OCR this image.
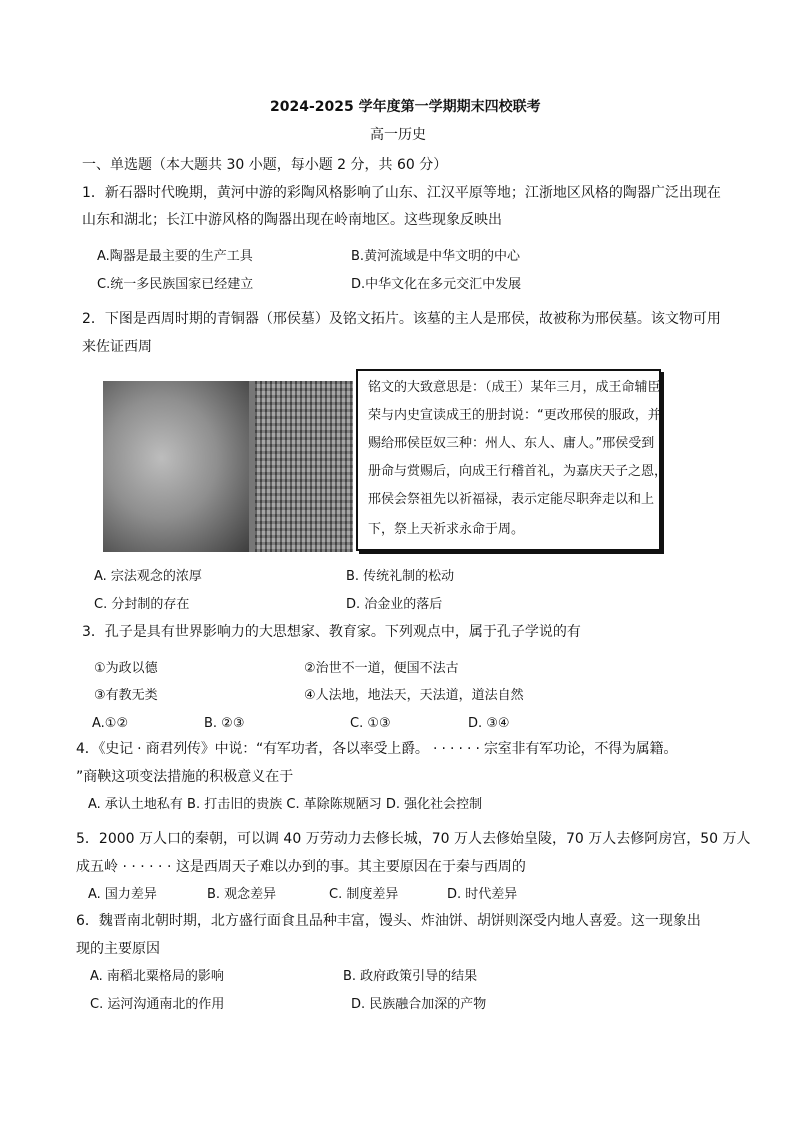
2024-2025 学年度第一学期期末四校联考
高一历史
一、单选题（本大题共 30 小题，每小题 2 分，共 60 分）
1．新石器时代晚期，黄河中游的彩陶风格影响了山东、江汉平原等地；江浙地区风格的陶器广泛出现在
山东和湖北；长江中游风格的陶器出现在岭南地区。这些现象反映出
A.陶器是最主要的生产工具	B.黄河流域是中华文明的中心
C.统一多民族国家已经建立	D.中华文化在多元交汇中发展
2．下图是西周时期的青铜器（邢侯墓）及铭文拓片。该墓的主人是邢侯，故被称为邢侯墓。该文物可用
来佐证西周
铭文的大致意思是：（成王）某年三月，成王命辅臣
荣与内史宣读成王的册封说：“更改邢侯的服政，并
赐给邢侯臣奴三种：州人、东人、庸人。”邢侯受到
册命与赏赐后，向成王行稽首礼，为嘉庆天子之恩，
邢侯会祭祖先以祈福禄，表示定能尽职奔走以和上
下，祭上天祈求永命于周。
A. 宗法观念的浓厚	B. 传统礼制的松动
C. 分封制的存在	D. 冶金业的落后
3．孔子是具有世界影响力的大思想家、教育家。下列观点中，属于孔子学说的有
①为政以德	②治世不一道，便国不法古
③有教无类	④人法地，地法天，天法道，道法自然
A.①②	B. ②③	C. ①③	D. ③④
4．《史记 · 商君列传》中说：“有军功者，各以率受上爵。 · · · · · · 宗室非有军功论，不得为属籍。
”商鞅这项变法措施的积极意义在于
A. 承认土地私有 B. 打击旧的贵族 C. 革除陈规陋习 D. 强化社会控制
5．2000 万人口的秦朝，可以调 40 万劳动力去修长城，70 万人去修始皇陵，70 万人去修阿房宫，50 万人
成五岭 · · · · · · 这是西周天子难以办到的事。其主要原因在于秦与西周的
A. 国力差异	B. 观念差异	C. 制度差异	D. 时代差异
6．魏晋南北朝时期，北方盛行面食且品种丰富，馒头、炸油饼、胡饼则深受内地人喜爱。这一现象出
现的主要原因
A. 南稻北粟格局的影响	B. 政府政策引导的结果
C. 运河沟通南北的作用	D. 民族融合加深的产物
